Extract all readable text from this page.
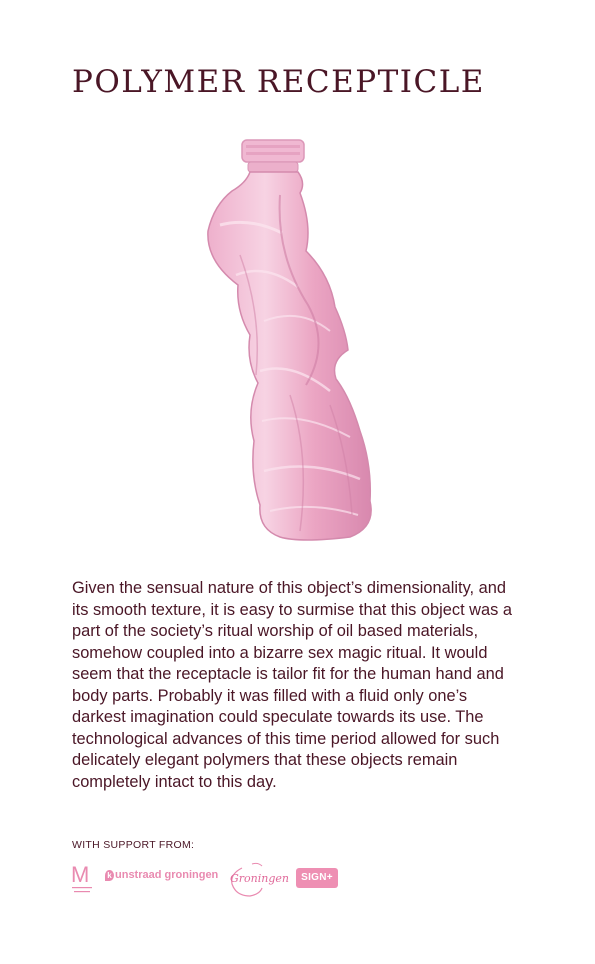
POLYMER RECEPTICLE

Given the sensual nature of this object’s dimensionality, and its smooth texture, it is easy to surmise that this object was a part of the society’s ritual worship of oil based materials, somehow coupled into a bizarre sex magic ritual. It would seem that the receptacle is tailor fit for the human hand and body parts. Probably it was filled with a fluid only one’s darkest imagination could speculate towards its use. The technological advances of this time period allowed for such delicately elegant polymers that these objects remain completely intact to this day.

WITH SUPPORT FROM:
M k unstraad groningen Groningen	SIGN+
